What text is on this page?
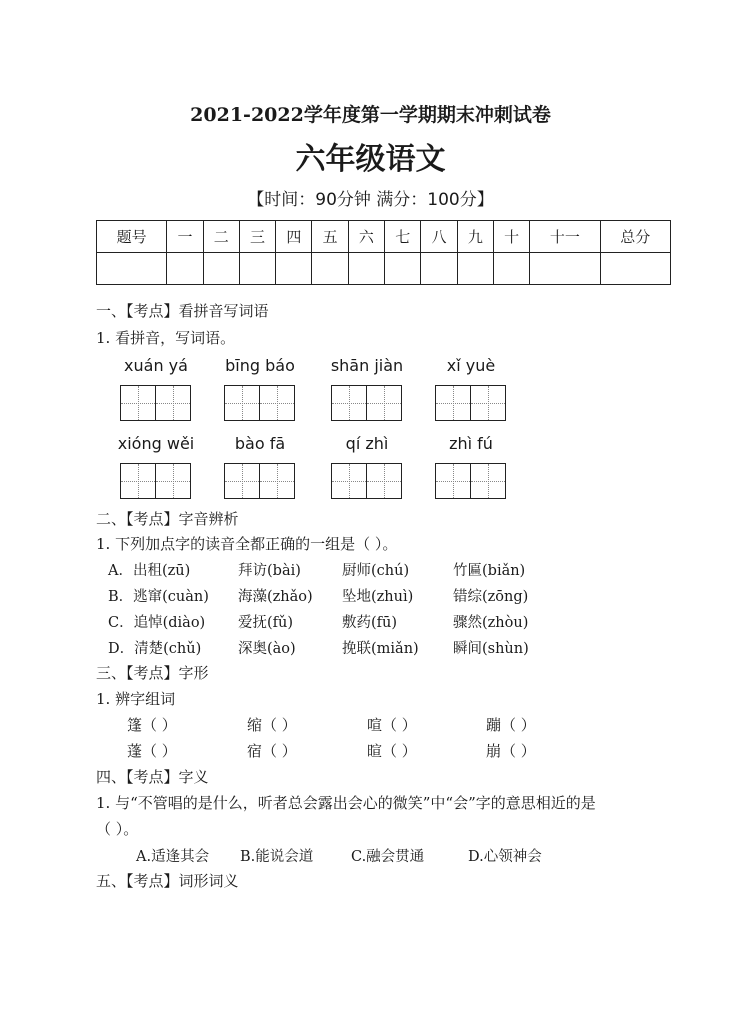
2021-2022学年度第一学期期末冲刺试卷
六年级语文
【时间：90分钟 满分：100分】
题号	一	二	三	四	五	六	七	八	九	十	十一	总分

一、【考点】看拼音写词语
1. 看拼音，写词语。
xuán yá	bīng báo	shān jiàn	xǐ yuè
xióng wěi	bào fā	qí zhì	zhì fú
二、【考点】字音辨析
1. 下列加点字的读音全都正确的一组是（ ）。
A．出租(zū)	拜访(bài)	厨师(chú)	竹匾(biǎn)
B．逃窜(cuàn) 海藻(zhǎo) 坠地(zhuì)	错综(zōng)
C．追悼(diào) 爱抚(fǔ)	敷药(fū)	骤然(zhòu)
D．清楚(chǔ)	深奥(ào)	挽联(miǎn) 瞬间(shùn)
三、【考点】字形
1. 辨字组词
篷（ ）	缩（ ）	喧（ ）	蹦（ ）
蓬（ ）	宿（ ）	暄（ ）	崩（ ）
四、【考点】字义
1. 与“不管唱的是什么，听者总会露出会心的微笑”中“会”字的意思相近的是
（ ）。
A.适逢其会 B.能说会道	C.融会贯通	D.心领神会
五、【考点】词形词义
